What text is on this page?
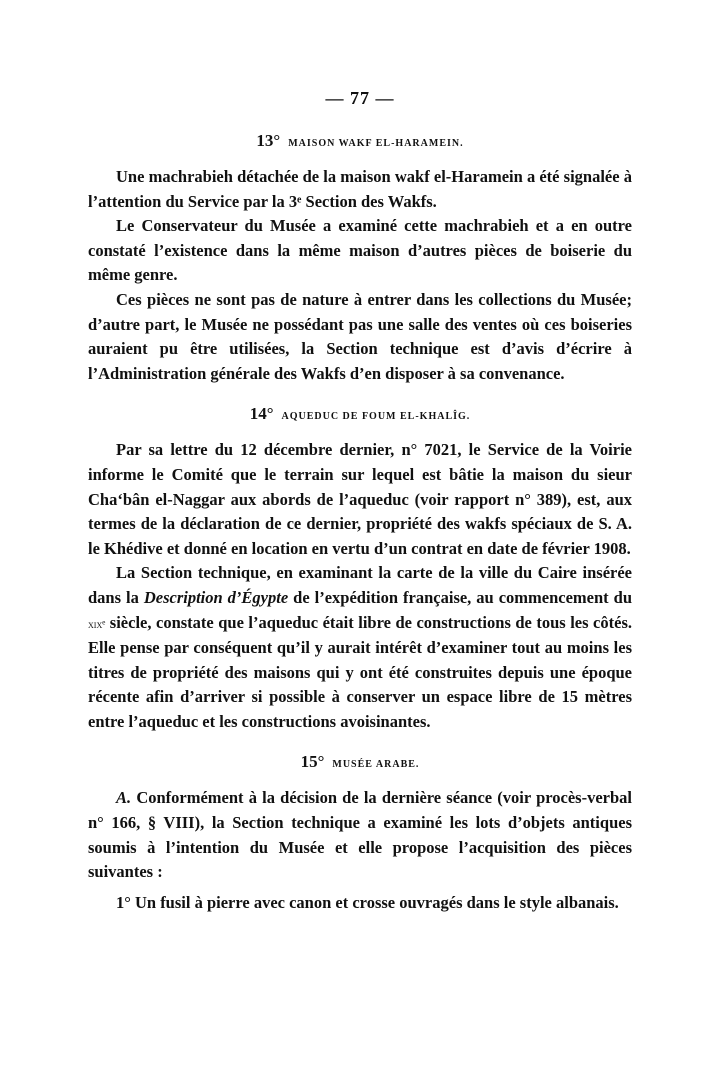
— 77 —
13° MAISON WAKF EL-HARAMEIN.

Une machrabieh détachée de la maison wakf el-Haramein a été signalée à l’attention du Service par la 3ᵉ Section des Wakfs.

Le Conservateur du Musée a examiné cette machrabieh et a en outre constaté l’existence dans la même maison d’autres pièces de boiserie du même genre.

Ces pièces ne sont pas de nature à entrer dans les collections du Musée; d’autre part, le Musée ne possédant pas une salle des ventes où ces boiseries auraient pu être utilisées, la Section technique est d’avis d’écrire à l’Administration générale des Wakfs d’en disposer à sa convenance.

14° AQUEDUC DE FOUM EL-KHALÎG.

Par sa lettre du 12 décembre dernier, n° 7021, le Service de la Voirie informe le Comité que le terrain sur lequel est bâtie la maison du sieur Cha‘bân el-Naggar aux abords de l’aqueduc (voir rapport n° 389), est, aux termes de la déclaration de ce dernier, propriété des wakfs spéciaux de S. A. le Khédive et donné en location en vertu d’un contrat en date de février 1908.

La Section technique, en examinant la carte de la ville du Caire insérée dans la Description d’Égypte de l’expédition française, au commencement du xixᵉ siècle, constate que l’aqueduc était libre de constructions de tous les côtés. Elle pense par conséquent qu’il y aurait intérêt d’examiner tout au moins les titres de propriété des maisons qui y ont été construites depuis une époque récente afin d’arriver si possible à conserver un espace libre de 15 mètres entre l’aqueduc et les constructions avoisinantes.

15° MUSÉE ARABE.

A. Conformément à la décision de la dernière séance (voir procès-verbal n° 166, § VIII), la Section technique a examiné les lots d’objets antiques soumis à l’intention du Musée et elle propose l’acquisition des pièces suivantes :

1° Un fusil à pierre avec canon et crosse ouvragés dans le style albanais.
